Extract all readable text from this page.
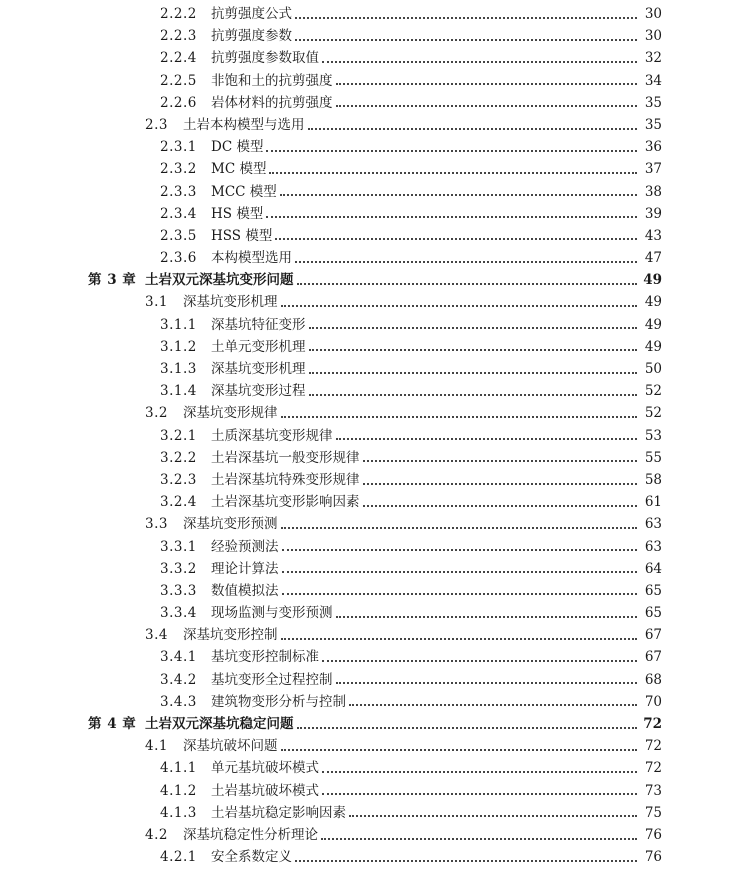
2.2.2	抗剪强度公式	30
2.2.3	抗剪强度参数	30
2.2.4	抗剪强度参数取值	32
2.2.5	非饱和土的抗剪强度	34
2.2.6	岩体材料的抗剪强度	35
2.3	土岩本构模型与选用	35
2.3.1	DC 模型	36
2.3.2	MC 模型	37
2.3.3	MCC 模型	38
2.3.4	HS 模型	39
2.3.5	HSS 模型	43
2.3.6	本构模型选用	47
第 3 章 土岩双元深基坑变形问题	49
3.1	深基坑变形机理	49
3.1.1	深基坑特征变形	49
3.1.2	土单元变形机理	49
3.1.3	深基坑变形机理	50
3.1.4	深基坑变形过程	52
3.2	深基坑变形规律	52
3.2.1	土质深基坑变形规律	53
3.2.2	土岩深基坑一般变形规律	55
3.2.3	土岩深基坑特殊变形规律	58
3.2.4	土岩深基坑变形影响因素	61
3.3	深基坑变形预测	63
3.3.1	经验预测法	63
3.3.2	理论计算法	64
3.3.3	数值模拟法	65
3.3.4	现场监测与变形预测	65
3.4	深基坑变形控制	67
3.4.1	基坑变形控制标准	67
3.4.2	基坑变形全过程控制	68
3.4.3	建筑物变形分析与控制	70
第 4 章 土岩双元深基坑稳定问题	72
4.1	深基坑破坏问题	72
4.1.1	单元基坑破坏模式	72
4.1.2	土岩基坑破坏模式	73
4.1.3	土岩基坑稳定影响因素	75
4.2	深基坑稳定性分析理论	76
4.2.1	安全系数定义	76
